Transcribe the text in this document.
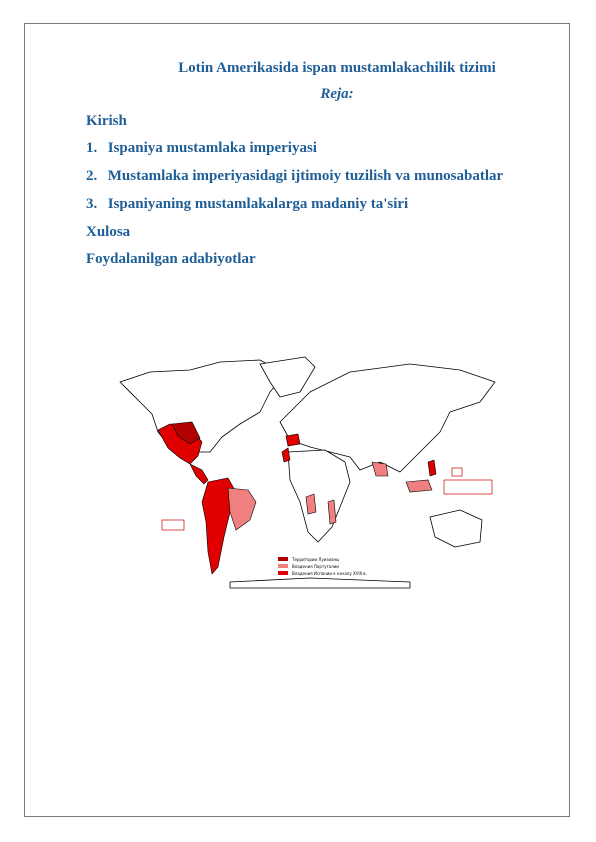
Lotin Amerikasida ispan mustamlakachilik tizimi
Reja:
Kirish
1. Ispaniya mustamlaka imperiyasi
2. Mustamlaka imperiyasidagi ijtimoiy tuzilish va munosabatlar
3. Ispaniyaning mustamlakalarga madaniy ta'siri
Xulosa
Foydalanilgan adabiyotlar
Территории Луизианы
Владения Португалии
Владения Испании к началу XVIII в.
